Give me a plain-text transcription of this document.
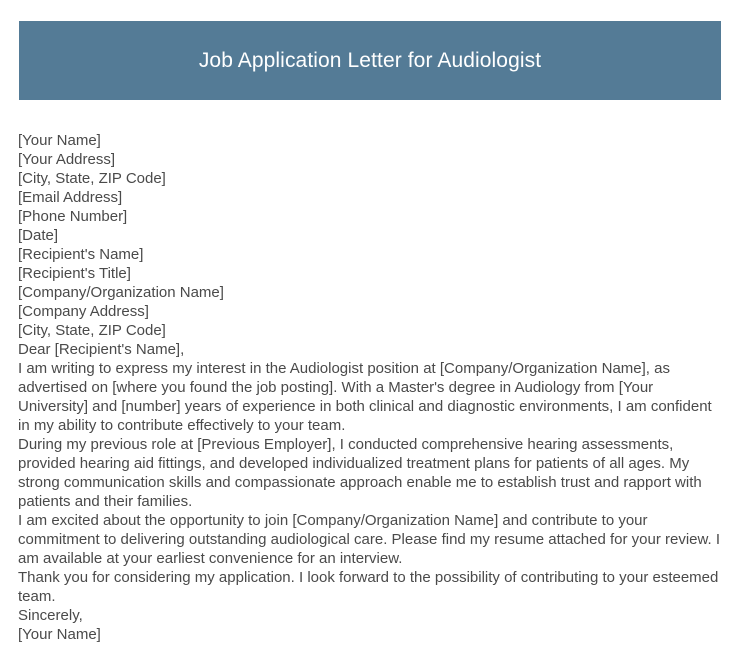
Job Application Letter for Audiologist
[Your Name]
[Your Address]
[City, State, ZIP Code]
[Email Address]
[Phone Number]
[Date]
[Recipient's Name]
[Recipient's Title]
[Company/Organization Name]
[Company Address]
[City, State, ZIP Code]
Dear [Recipient's Name],

I am writing to express my interest in the Audiologist position at [Company/Organization Name], as advertised on [where you found the job posting]. With a Master's degree in Audiology from [Your University] and [number] years of experience in both clinical and diagnostic environments, I am confident in my ability to contribute effectively to your team.

During my previous role at [Previous Employer], I conducted comprehensive hearing assessments, provided hearing aid fittings, and developed individualized treatment plans for patients of all ages. My strong communication skills and compassionate approach enable me to establish trust and rapport with patients and their families.

I am excited about the opportunity to join [Company/Organization Name] and contribute to your commitment to delivering outstanding audiological care. Please find my resume attached for your review. I am available at your earliest convenience for an interview.

Thank you for considering my application. I look forward to the possibility of contributing to your esteemed team.

Sincerely,
[Your Name]
